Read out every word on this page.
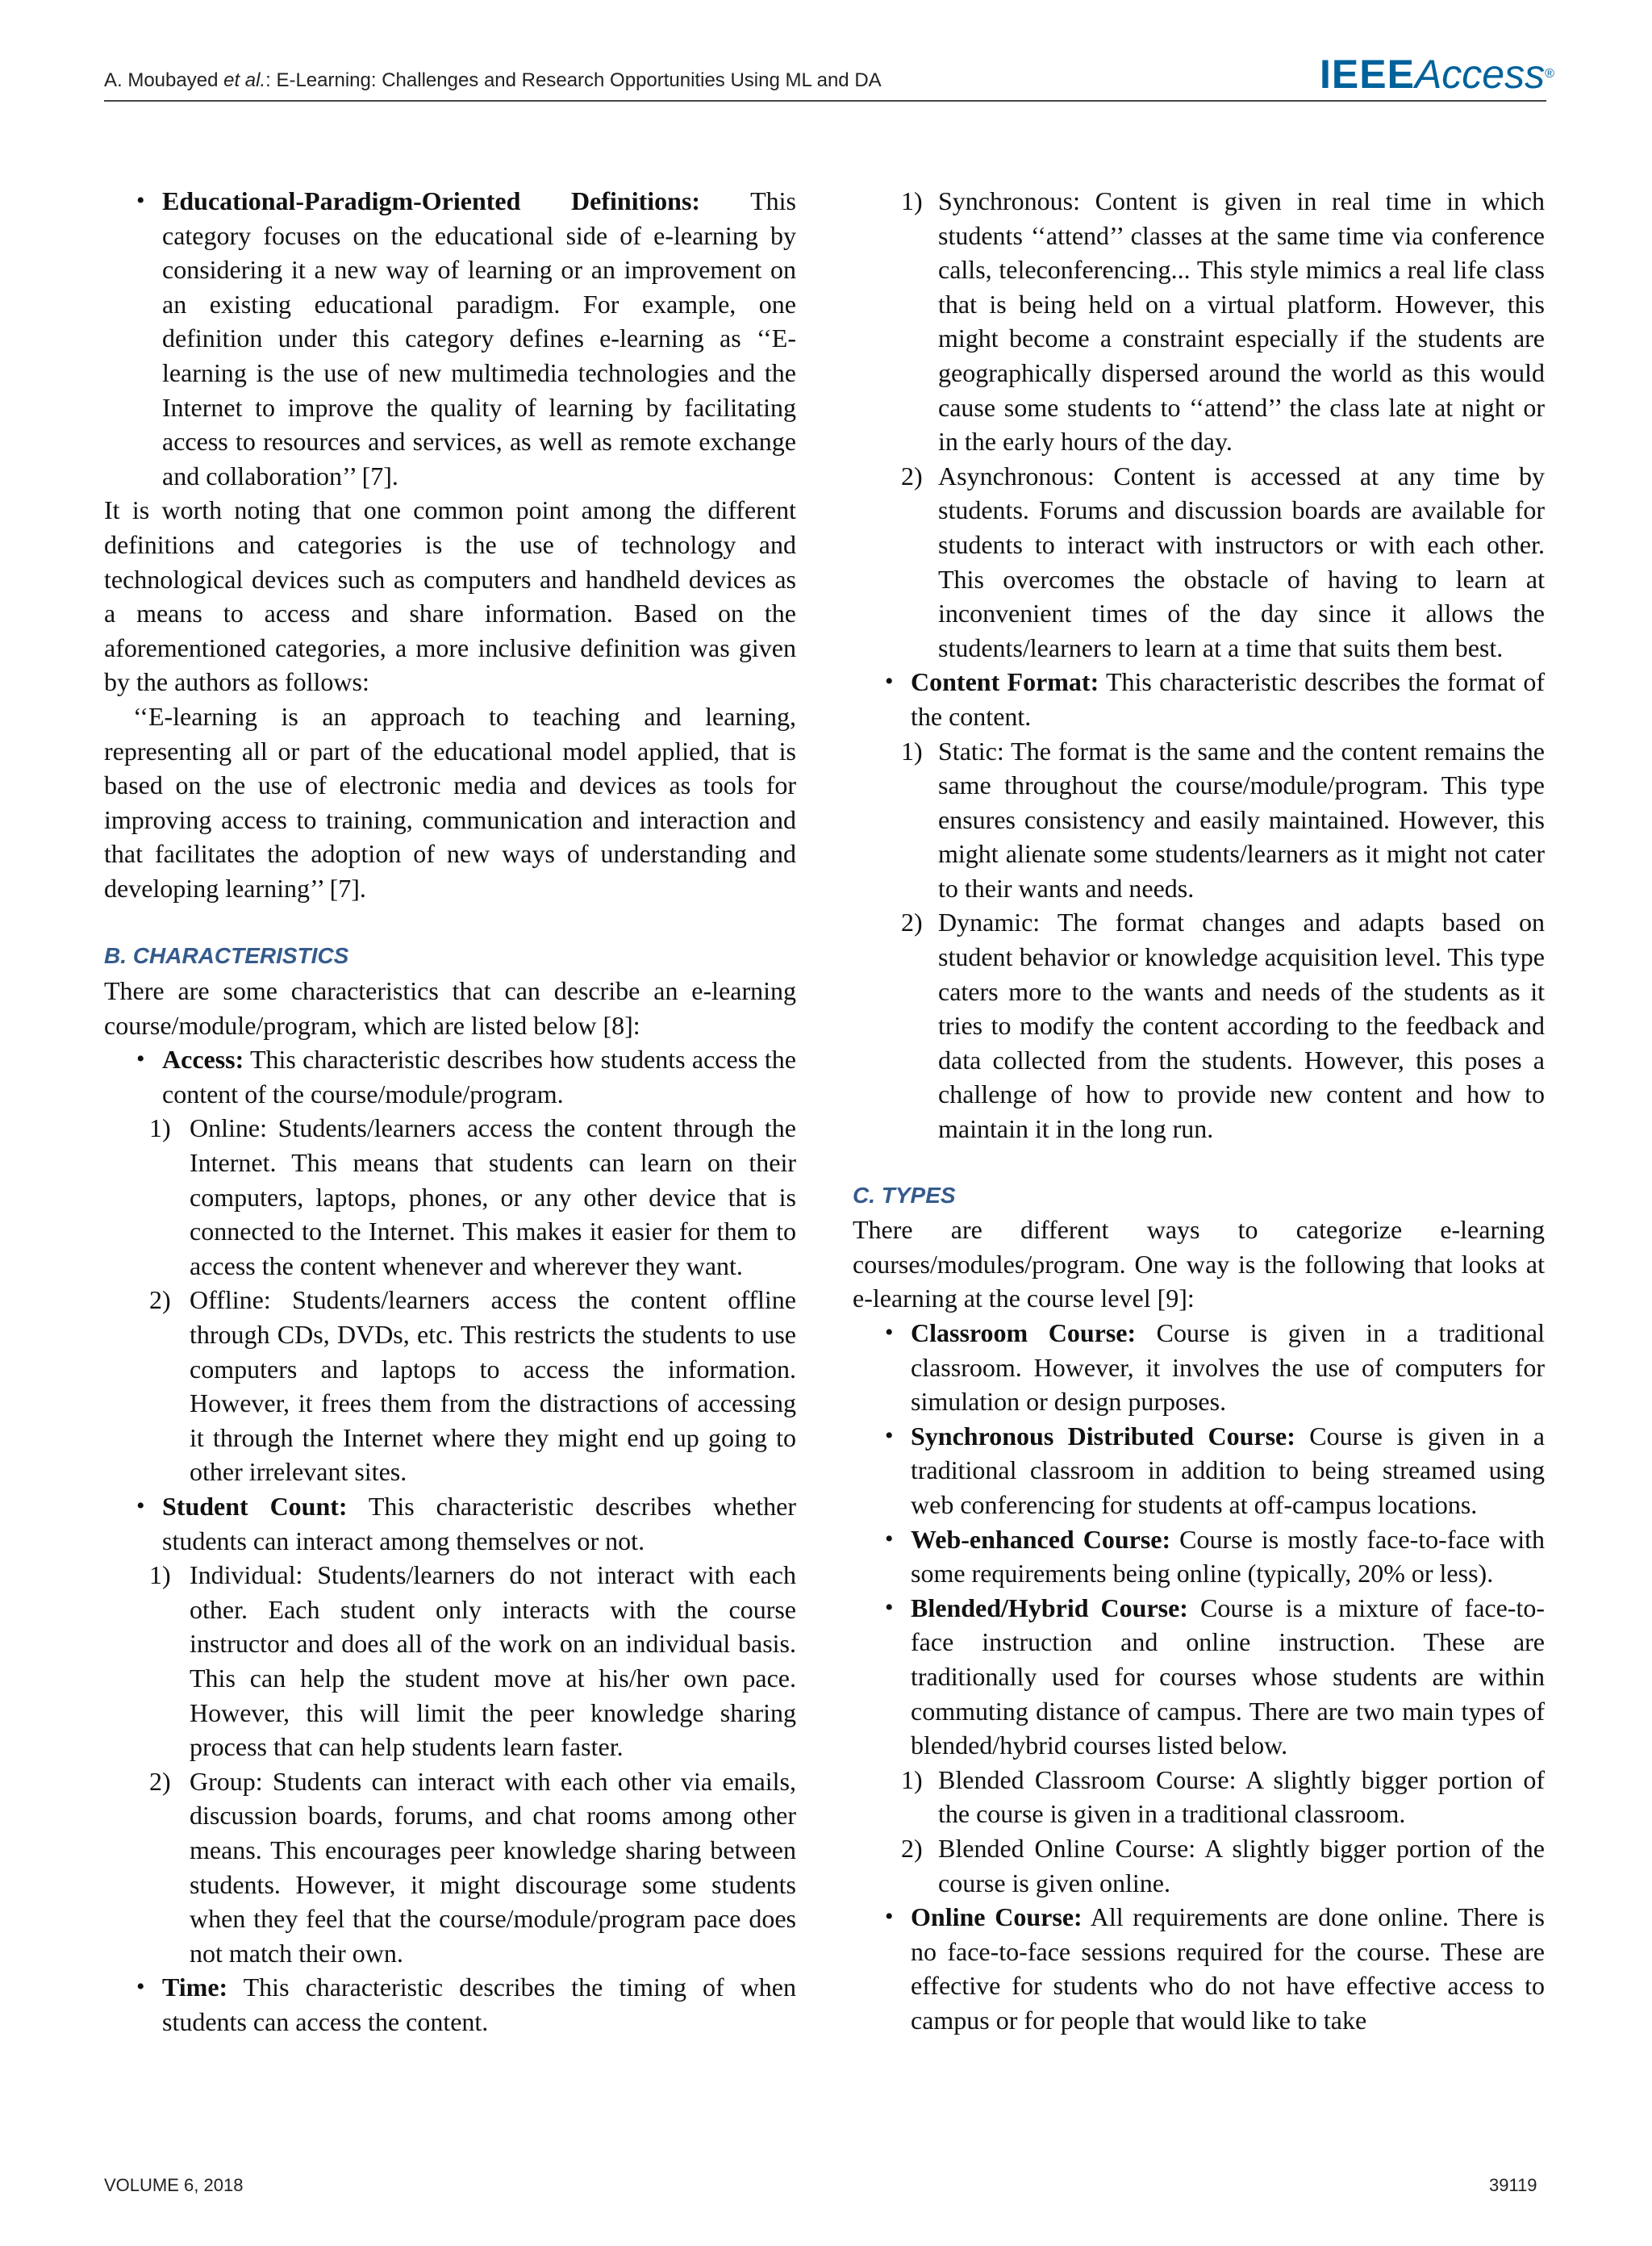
A. Moubayed et al.: E-Learning: Challenges and Research Opportunities Using ML and DA	IEEEAccess®

• Educational-Paradigm-Oriented Definitions: This category focuses on the educational side of e-learning by considering it a new way of learning or an improvement on an existing educational paradigm. For example, one definition under this category defines e-learning as ‘‘E-learning is the use of new multimedia technologies and the Internet to improve the quality of learning by facilitating access to resources and services, as well as remote exchange and collaboration’’ [7].

It is worth noting that one common point among the different definitions and categories is the use of technology and technological devices such as computers and handheld devices as a means to access and share information. Based on the aforementioned categories, a more inclusive definition was given by the authors as follows:

‘‘E-learning is an approach to teaching and learning, representing all or part of the educational model applied, that is based on the use of electronic media and devices as tools for improving access to training, communication and interaction and that facilitates the adoption of new ways of understanding and developing learning’’ [7].

B. CHARACTERISTICS

There are some characteristics that can describe an e-learning course/module/program, which are listed below [8]:

• Access: This characteristic describes how students access the content of the course/module/program.

1) Online: Students/learners access the content through the Internet. This means that students can learn on their computers, laptops, phones, or any other device that is connected to the Internet. This makes it easier for them to access the content whenever and wherever they want.

2) Offline: Students/learners access the content offline through CDs, DVDs, etc. This restricts the students to use computers and laptops to access the information. However, it frees them from the distractions of accessing it through the Internet where they might end up going to other irrelevant sites.

• Student Count: This characteristic describes whether students can interact among themselves or not.

1) Individual: Students/learners do not interact with each other. Each student only interacts with the course instructor and does all of the work on an individual basis. This can help the student move at his/her own pace. However, this will limit the peer knowledge sharing process that can help students learn faster.

2) Group: Students can interact with each other via emails, discussion boards, forums, and chat rooms among other means. This encourages peer knowledge sharing between students. However, it might discourage some students when they feel that the course/module/program pace does not match their own.

• Time: This characteristic describes the timing of when students can access the content.

1) Synchronous: Content is given in real time in which students ‘‘attend’’ classes at the same time via conference calls, teleconferencing... This style mimics a real life class that is being held on a virtual platform. However, this might become a constraint especially if the students are geographically dispersed around the world as this would cause some students to ‘‘attend’’ the class late at night or in the early hours of the day.

2) Asynchronous: Content is accessed at any time by students. Forums and discussion boards are available for students to interact with instructors or with each other. This overcomes the obstacle of having to learn at inconvenient times of the day since it allows the students/learners to learn at a time that suits them best.

• Content Format: This characteristic describes the format of the content.

1) Static: The format is the same and the content remains the same throughout the course/module/program. This type ensures consistency and easily maintained. However, this might alienate some students/learners as it might not cater to their wants and needs.

2) Dynamic: The format changes and adapts based on student behavior or knowledge acquisition level. This type caters more to the wants and needs of the students as it tries to modify the content according to the feedback and data collected from the students. However, this poses a challenge of how to provide new content and how to maintain it in the long run.

C. TYPES

There are different ways to categorize e-learning courses/modules/program. One way is the following that looks at e-learning at the course level [9]:

• Classroom Course: Course is given in a traditional classroom. However, it involves the use of computers for simulation or design purposes.

• Synchronous Distributed Course: Course is given in a traditional classroom in addition to being streamed using web conferencing for students at off-campus locations.

• Web-enhanced Course: Course is mostly face-to-face with some requirements being online (typically, 20% or less).

• Blended/Hybrid Course: Course is a mixture of face-to-face instruction and online instruction. These are traditionally used for courses whose students are within commuting distance of campus. There are two main types of blended/hybrid courses listed below.

1) Blended Classroom Course: A slightly bigger portion of the course is given in a traditional classroom.

2) Blended Online Course: A slightly bigger portion of the course is given online.

• Online Course: All requirements are done online. There is no face-to-face sessions required for the course. These are effective for students who do not have effective access to campus or for people that would like to take

VOLUME 6, 2018	39119
